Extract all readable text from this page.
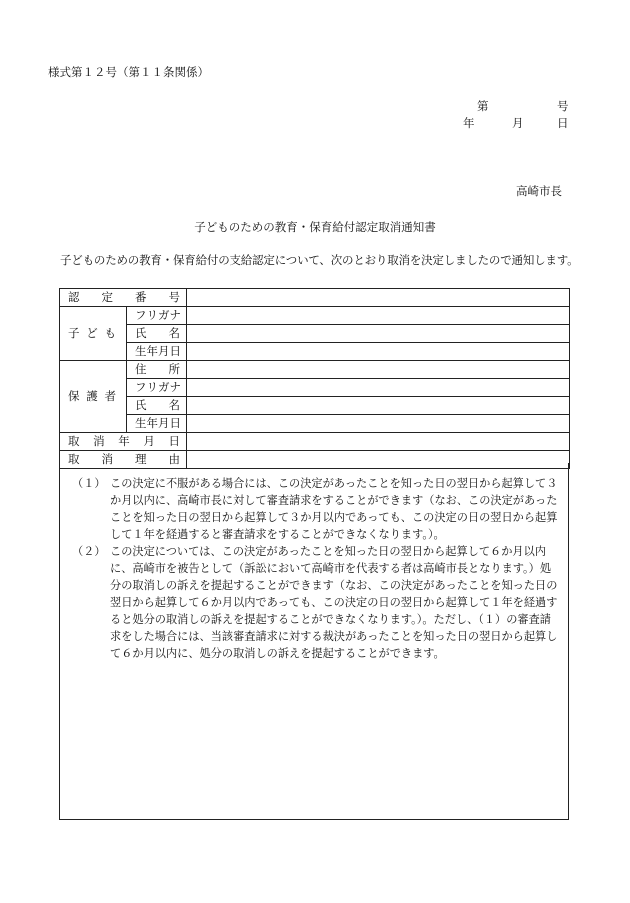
様式第１２号（第１１条関係）
第	号
年	月	日
高崎市長
子どものための教育・保育給付認定取消通知書
子どものための教育・保育給付の支給認定について、次のとおり取消を決定しましたので通知します。
認 定 番 号		

子 ど も	フ リ ガ ナ	

	氏 名	

	生 年 月 日	

保 護 者	住 所	

	フ リ ガ ナ	

	氏 名	

	生 年 月 日	

取 消 年 月 日		

取 消 理 由		

（１） この決定に不服がある場合には、この決定があったことを知った日の翌日から起算して３か月以内に、高崎市長に対して審査請求をすることができます（なお、この決定があったことを知った日の翌日から起算して３か月以内であっても、この決定の日の翌日から起算して１年を経過すると審査請求をすることができなくなります。）。
（２） この決定については、この決定があったことを知った日の翌日から起算して６か月以内に、高崎市を被告として（訴訟において高崎市を代表する者は高崎市長となります。）処分の取消しの訴えを提起することができます（なお、この決定があったことを知った日の翌日から起算して６か月以内であっても、この決定の日の翌日から起算して１年を経過すると処分の取消しの訴えを提起することができなくなります。）。ただし、（１）の審査請求をした場合には、当該審査請求に対する裁決があったことを知った日の翌日から起算して６か月以内に、処分の取消しの訴えを提起することができます。
